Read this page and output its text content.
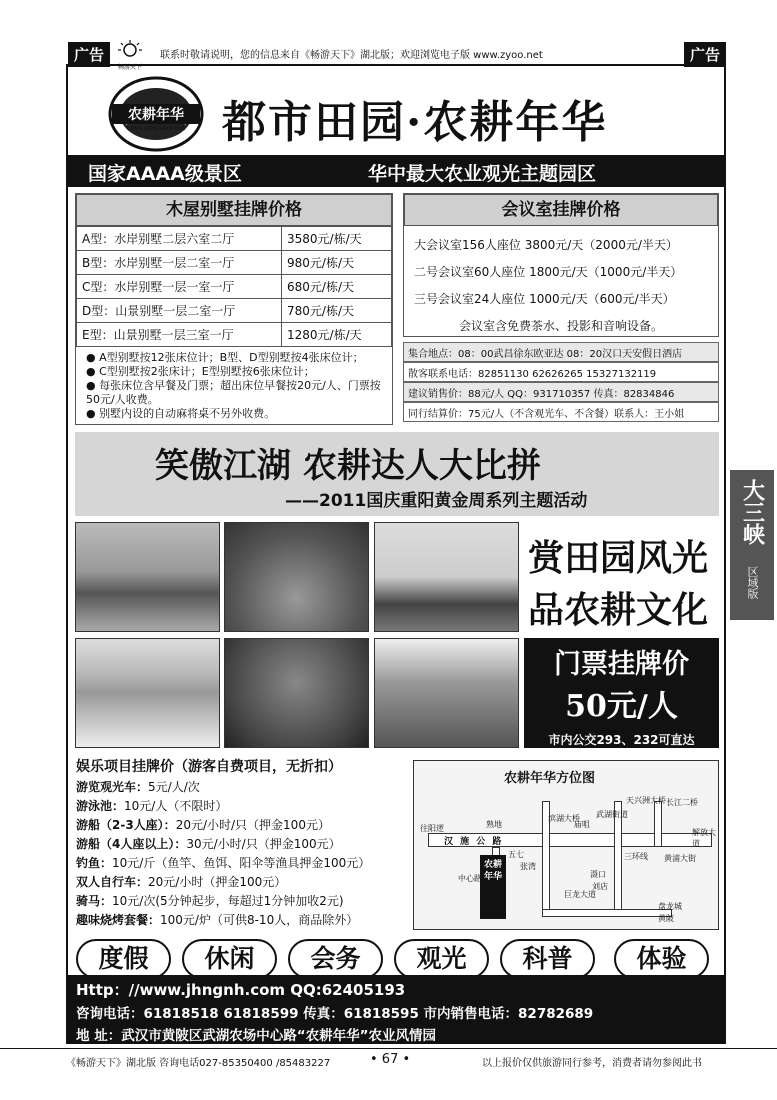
广告
畅游天下
联系时敬请说明，您的信息来自《畅游天下》湖北版；欢迎浏览电子版 www.zyoo.net	广告
农耕年华
NONG GENG NIAN HUA 都市田园·农耕年华
国家AAAA级景区	华中最大农业观光主题园区
木屋别墅挂牌价格
A型：水岸别墅二层六室二厅	3580元/栋/天
B型：水岸别墅一层二室一厅	980元/栋/天
C型：水岸别墅一层一室一厅	680元/栋/天
D型：山景别墅一层二室一厅	780元/栋/天
E型：山景别墅一层三室一厅	1280元/栋/天
● A型别墅按12张床位计；B型、D型别墅按4张床位计；
● C型别墅按2张床计；E型别墅按6张床位计；
● 每张床位含早餐及门票；超出床位早餐按20元/人、门票按50元/人收费。
● 别墅内设的自动麻将桌不另外收费。
会议室挂牌价格
大会议室156人座位 3800元/天（2000元/半天）
二号会议室60人座位 1800元/天（1000元/半天）
三号会议室24人座位 1000元/天（600元/半天）
会议室含免费茶水、投影和音响设备。
集合地点：08：00武昌徐东欧亚达 08：20汉口天安假日酒店
散客联系电话：82851130 62626265 15327132119
建议销售价：88元/人 QQ：931710357 传真：82834846
同行结算价：75元/人（不含观光车、不含餐）联系人：王小姐
笑傲江湖 农耕达人大比拼
——2011国庆重阳黄金周系列主题活动
赏田园风光
品农耕文化
门票挂牌价
50元/人
市内公交293、232可直达
大三峡
区域版
娱乐项目挂牌价（游客自费项目，无折扣）
游览观光车：5元/人/次
游泳池：10元/人（不限时）
游船（2-3人座）：20元/小时/只（押金100元）
游船（4人座以上）：30元/小时/只（押金100元）
钓鱼：10元/斤（鱼竿、鱼饵、阳伞等渔具押金100元）
双人自行车：20元/小时（押金100元）
骑马：10元/次(5分钟起步，每超过1分钟加收2元)
趣味烧烤套餐：100元/炉（可供8-10人，商品除外）
农耕年华方位图
农耕年华
汉 施 公 路
往阳逻	熟地
滨湖大桥
庙咀
武湖街道
天兴洲大桥 长江二桥
解放大道
三环线 黄浦大街
中心路
张湾
五七
巨龙大道
刘店
盘龙城
黄陂
滠口
度假	休闲	会务	观光	科普	体验
Http：//www.jhngnh.com QQ:62405193
咨询电话：61818518 61818599 传真：61818595 市内销售电话：82782689
地 址：武汉市黄陂区武湖农场中心路“农耕年华”农业风情园
《畅游天下》湖北版 咨询电话027-85350400 /85483227	• 67 •	以上报价仅供旅游同行参考，消费者请勿参阅此书
